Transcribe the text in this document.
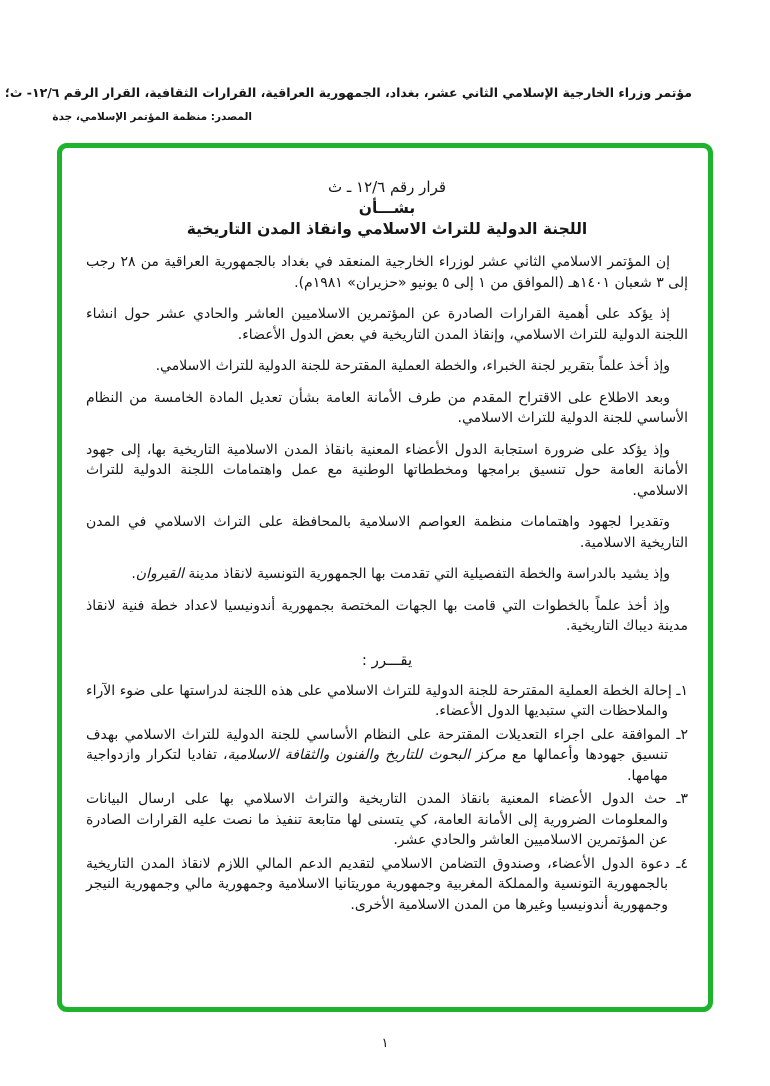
مؤتمر وزراء الخارجية الإسلامي الثاني عشر، بغداد، الجمهورية العراقية، القرارات الثقافية، القرار الرقم ١٢/٦- ث؛
المصدر: منظمة المؤتمر الإسلامي، جدة
قرار رقم ١٢/٦ ـ ث
بشـــأن
اللجنة الدولية للتراث الاسلامي وانقاذ المدن التاريخية

إن المؤتمر الاسلامي الثاني عشر لوزراء الخارجية المنعقد في بغداد بالجمهورية العراقية من ٢٨ رجب إلى ٣ شعبان ١٤٠١هـ (الموافق من ١ إلى ٥ يونيو «حزيران» ١٩٨١م).

إذ يؤكد على أهمية القرارات الصادرة عن المؤتمرين الاسلاميين العاشر والحادي عشر حول انشاء اللجنة الدولية للتراث الاسلامي، وإنقاذ المدن التاريخية في بعض الدول الأعضاء.

وإذ أخذ علماً بتقرير لجنة الخبراء، والخطة العملية المقترحة للجنة الدولية للتراث الاسلامي.

وبعد الاطلاع على الاقتراح المقدم من طرف الأمانة العامة بشأن تعديل المادة الخامسة من النظام الأساسي للجنة الدولية للتراث الاسلامي.

وإذ يؤكد على ضرورة استجابة الدول الأعضاء المعنية بانقاذ المدن الاسلامية التاريخية بها، إلى جهود الأمانة العامة حول تنسيق برامجها ومخططاتها الوطنية مع عمل واهتمامات اللجنة الدولية للتراث الاسلامي.

وتقديرا لجهود واهتمامات منظمة العواصم الاسلامية بالمحافظة على التراث الاسلامي في المدن التاريخية الاسلامية.

وإذ يشيد بالدراسة والخطة التفصيلية التي تقدمت بها الجمهورية التونسية لانقاذ مدينة القيروان.

وإذ أخذ علماً بالخطوات التي قامت بها الجهات المختصة بجمهورية أندونيسيا لاعداد خطة فنية لانقاذ مدينة ديباك التاريخية.

يقـــرر :
١ـ إحالة الخطة العملية المقترحة للجنة الدولية للتراث الاسلامي على هذه اللجنة لدراستها على ضوء الآراء والملاحظات التي ستبديها الدول الأعضاء.
٢ـ الموافقة على اجراء التعديلات المقترحة على النظام الأساسي للجنة الدولية للتراث الاسلامي بهدف تنسيق جهودها وأعمالها مع مركز البحوث للتاريخ والفنون والثقافة الاسلامية، تفاديا لتكرار وازدواجية مهامها.
٣ـ حث الدول الأعضاء المعنية بانقاذ المدن التاريخية والتراث الاسلامي بها على ارسال البيانات والمعلومات الضرورية إلى الأمانة العامة، كي يتسنى لها متابعة تنفيذ ما نصت عليه القرارات الصادرة عن المؤتمرين الاسلاميين العاشر والحادي عشر.
٤ـ دعوة الدول الأعضاء، وصندوق التضامن الاسلامي لتقديم الدعم المالي اللازم لانقاذ المدن التاريخية بالجمهورية التونسية والمملكة المغربية وجمهورية موريتانيا الاسلامية وجمهورية مالي وجمهورية النيجر وجمهورية أندونيسيا وغيرها من المدن الاسلامية الأخرى.
١
